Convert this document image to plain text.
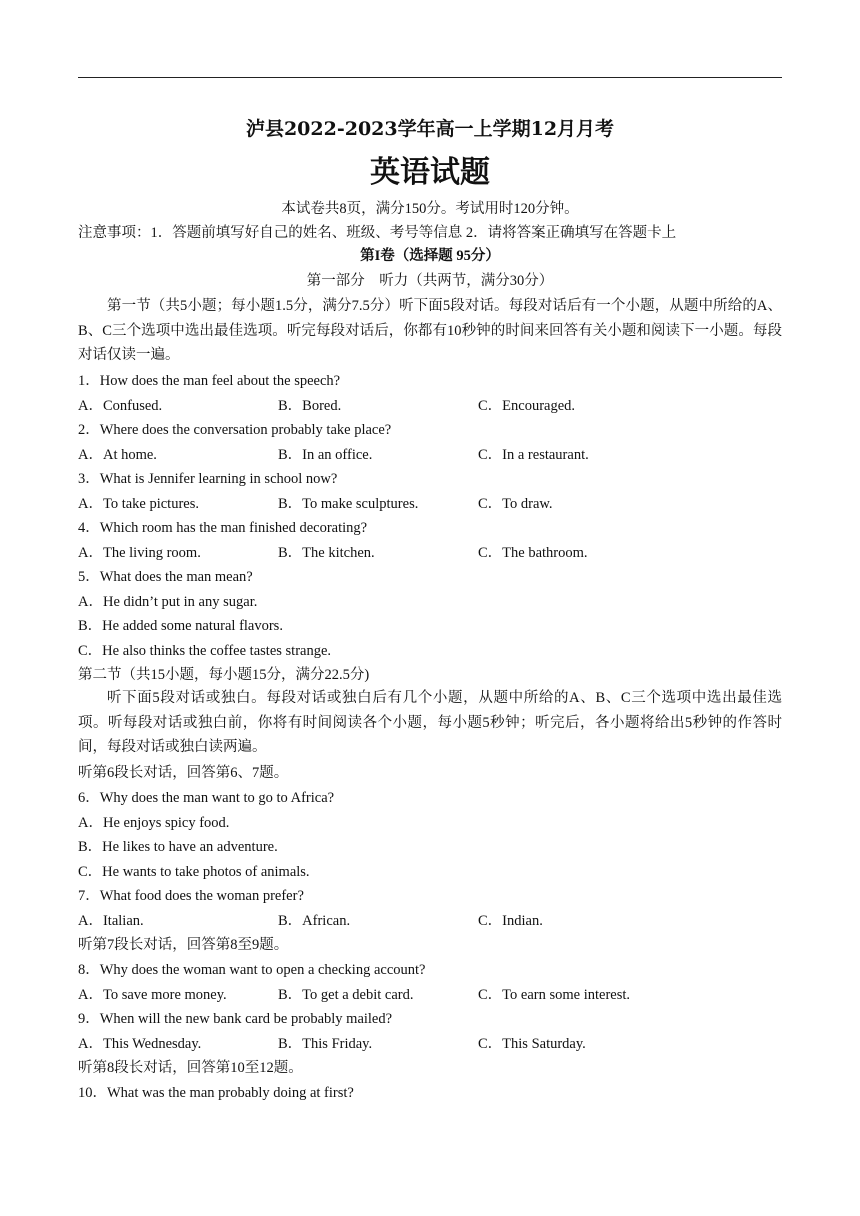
泸县2022-2023学年高一上学期12月月考
英语试题
本试卷共8页，满分150分。考试用时120分钟。
注意事项：1．答题前填写好自己的姓名、班级、考号等信息 2．请将答案正确填写在答题卡上
第I卷（选择题 95分）
第一部分　听力（共两节，满分30分）
第一节（共5小题；每小题1.5分，满分7.5分）听下面5段对话。每段对话后有一个小题，从题中所给的A、B、C三个选项中选出最佳选项。听完每段对话后，你都有10秒钟的时间来回答有关小题和阅读下一小题。每段对话仅读一遍。
1．How does the man feel about the speech?
A．Confused.	B．Bored.	C．Encouraged.
2．Where does the conversation probably take place?
A．At home.	B．In an office.	C．In a restaurant.
3．What is Jennifer learning in school now?
A．To take pictures.	B．To make sculptures.	C．To draw.
4．Which room has the man finished decorating?
A．The living room.	B．The kitchen.	C．The bathroom.
5．What does the man mean?
A．He didn’t put in any sugar.
B．He added some natural flavors.
C．He also thinks the coffee tastes strange.
第二节（共15小题，每小题15分，满分22.5分)
听下面5段对话或独白。每段对话或独白后有几个小题，从题中所给的A、B、C三个选项中选出最佳选项。听每段对话或独白前，你将有时间阅读各个小题，每小题5秒钟；听完后，各小题将给出5秒钟的作答时间，每段对话或独白读两遍。
听第6段长对话，回答第6、7题。
6．Why does the man want to go to Africa?
A．He enjoys spicy food.
B．He likes to have an adventure.
C．He wants to take photos of animals.
7．What food does the woman prefer?
A．Italian.	B．African.	C．Indian.
听第7段长对话，回答第8至9题。
8．Why does the woman want to open a checking account?
A．To save more money.	B．To get a debit card.	C．To earn some interest.
9．When will the new bank card be probably mailed?
A．This Wednesday.	B．This Friday.	C．This Saturday.
听第8段长对话，回答第10至12题。
10．What was the man probably doing at first?
